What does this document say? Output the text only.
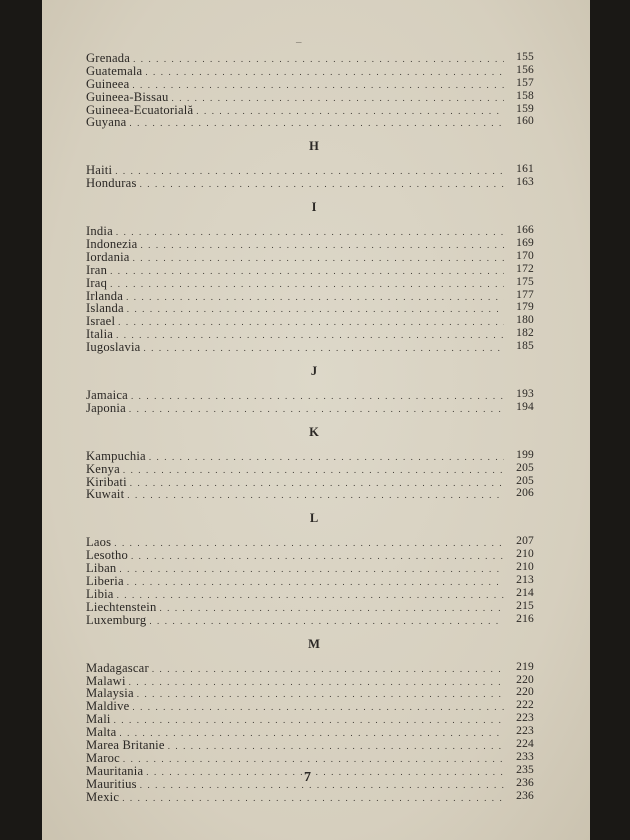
–
Grenada . . .	155
Guatemala . . .	156
Guineea . . .	157
Guineea-Bissau . . .	158
Guineea-Ecuatorială . . .	159
Guyana . . .	160
H
Haiti . . .	161
Honduras . . .	163
I
India . . .	166
Indonezia . . .	169
Iordania . . .	170
Iran . . .	172
Iraq . . .	175
Irlanda . . .	177
Islanda . . .	179
Israel . . .	180
Italia . . .	182
Iugoslavia . . .	185
J
Jamaica . . .	193
Japonia . . .	194
K
Kampuchia . . .	199
Kenya . . .	205
Kiribati . . .	205
Kuwait . . .	206
L
Laos . . .	207
Lesotho . . .	210
Liban . . .	210
Liberia . . .	213
Libia . . .	214
Liechtenstein . . .	215
Luxemburg . . .	216
M
Madagascar . . .	219
Malawi . . .	220
Malaysia . . .	220
Maldive . . .	222
Mali . . .	223
Malta . . .	223
Marea Britanie . . .	224
Maroc . . .	233
Mauritania . . .	235
Mauritius . . .	236
Mexic . . .	236
7
